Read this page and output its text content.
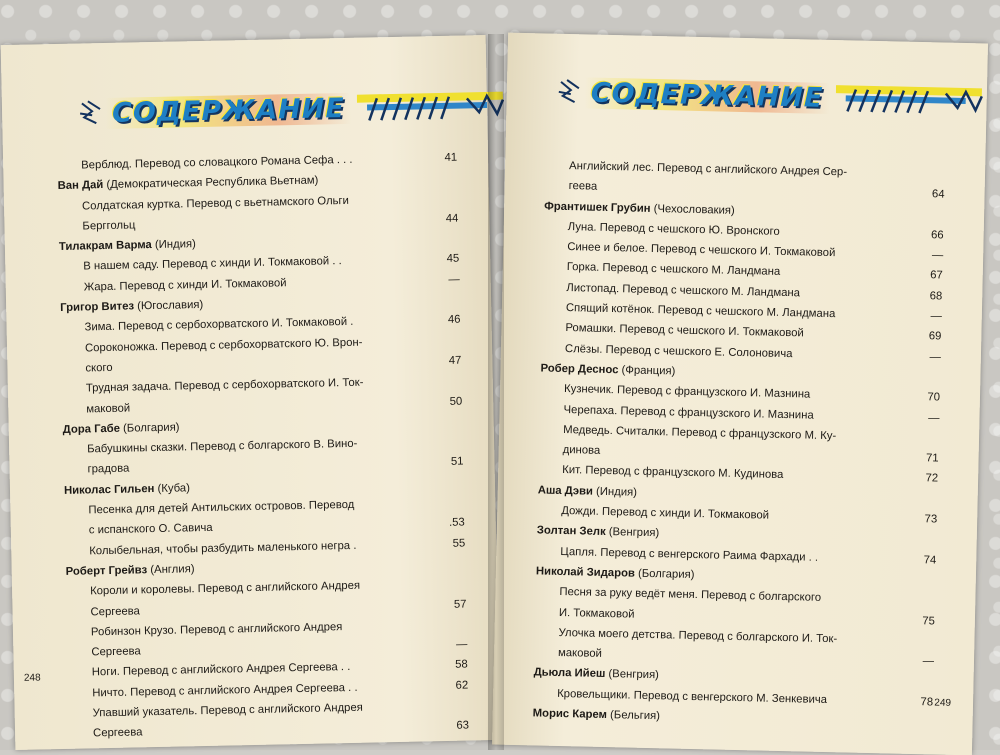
СОДЕРЖАНИЕ
Верблюд. Перевод со словацкого Романа Сефа . . .	41
Ван Дай (Демократическая Республика Вьетнам)
Солдатская куртка. Перевод с вьетнамского Ольги
Берггольц
44
Тилакрам Варма (Индия)
В нашем саду. Перевод с хинди И. Токмаковой . .	45
Жара. Перевод с хинди И. Токмаковой	—
Григор Витез (Югославия)
Зима. Перевод с сербохорватского И. Токмаковой .	46
Сороконожка. Перевод с сербохорватского Ю. Врон-
ского
47
Трудная задача. Перевод с сербохорватского И. Ток-
маковой
50
Дора Габе (Болгария)
Бабушкины сказки. Перевод с болгарского В. Вино-
градова
51
Николас Гильен (Куба)
Песенка для детей Антильских островов. Перевод
с испанского О. Савича	.53
Колыбельная, чтобы разбудить маленького негра .	55
Роберт Грейвз (Англия)
Короли и королевы. Перевод с английского Андрея
Сергеева
57
Робинзон Крузо. Перевод с английского Андрея
Сергеева
—
Ноги. Перевод с английского Андрея Сергеева . .	58
Ничто. Перевод с английского Андрея Сергеева . .	62
Упавший указатель. Перевод с английского Андрея
Сергеева
63
248
СОДЕРЖАНИЕ
Английский лес. Перевод с английского Андрея Сер-
геева
64
Франтишек Грубин (Чехословакия)
Луна. Перевод с чешского Ю. Вронского	66
Синее и белое. Перевод с чешского И. Токмаковой	—
Горка. Перевод с чешского М. Ландмана	67
Листопад. Перевод с чешского М. Ландмана	68
Спящий котёнок. Перевод с чешского М. Ландмана	—
Ромашки. Перевод с чешского И. Токмаковой	69
Слёзы. Перевод с чешского Е. Солоновича	—
Робер Деснос (Франция)
Кузнечик. Перевод с французского И. Мазнина	70
Черепаха. Перевод с французского И. Мазнина	—
Медведь. Считалки. Перевод с французского М. Ку-
динова
71
Кит. Перевод с французского М. Кудинова	72
Аша Дэви (Индия)
Дожди. Перевод с хинди И. Токмаковой	73
Золтан Зелк (Венгрия)
Цапля. Перевод с венгерского Раима Фархади . .	74
Николай Зидаров (Болгария)
Песня за руку ведёт меня. Перевод с болгарского
И. Токмаковой
75
Улочка моего детства. Перевод с болгарского И. Ток-
маковой
—
Дьюла Ийеш (Венгрия)
Кровельщики. Перевод с венгерского М. Зенкевича	78
Морис Карем (Бельгия)
249
